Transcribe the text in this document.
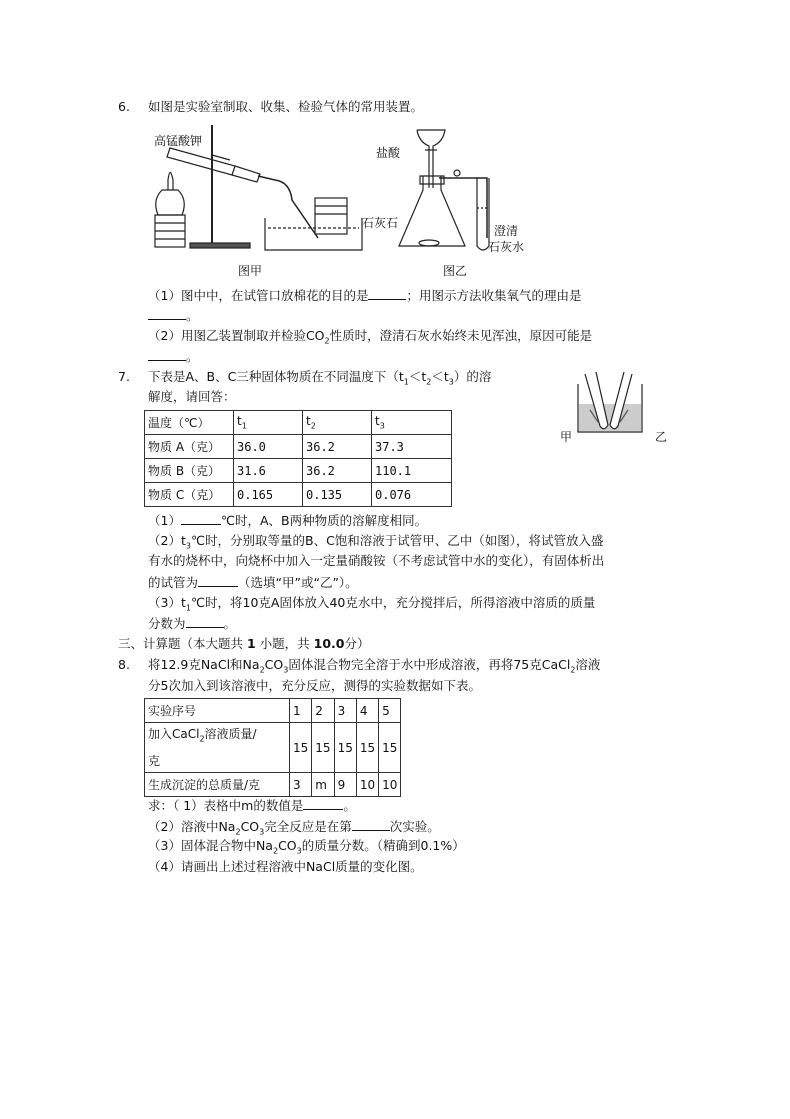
6. 如图是实验室制取、收集、检验气体的常用装置。
高锰酸钾
图甲
盐酸
石灰石
澄清
石灰水
图乙
（1）图中中，在试管口放棉花的目的是	；用图示方法收集氧气的理由是
。
（2）用图乙装置制取并检验$CO_2$性质时，澄清石灰水始终未见浑浊，原因可能是
。
7. 下表是A、B、C三种固体物质在不同温度下$(t_1<t_2<t_3)$的溶
解度，请回答：
甲	乙
温度（℃）	$t_1$	$t_2$	$t_3$
物质 A（克）	36.0	36.2	37.3
物质 B（克）	31.6	36.2	110.1
物质 C（克）	0.165	0.135	0.076
（1）	℃时，A、B两种物质的溶解度相同。
$(2)t_3℃$时，分别取等量的B、C饱和溶液于试管甲、乙中（如图），将试管放入盛
有水的烧杯中，向烧杯中加入一定量硝酸铵（不考虑试管中水的变化），有固体析出
的试管为	（选填“甲”或“乙”）。
$(3)t_1℃$时，将10克A固体放入40克水中，充分搅拌后，所得溶液中溶质的质量
分数为	。
三、计算题（本大题共 1 小题，共 10.0分）
8. 将12.9克NaCl和$Na_2CO_3$固体混合物完全溶于水中形成溶液，再将75克CaCl$_2$溶液
分5次加入到该溶液中，充分反应，测得的实验数据如下表。
实验序号	1	2	3	4	5
加入CaCl$_2$溶液质量/
克	15	15	15	15	15
生成沉淀的总质量/克	3	m	9	10	10
求：（ 1）表格中m的数值是	。
（2）溶液中$Na_2CO_3$完全反应是在第	次实验。
（3）固体混合物中$Na_2CO_3$的质量分数。（精确到0.1%）
（4）请画出上述过程溶液中NaCl质量的变化图。
